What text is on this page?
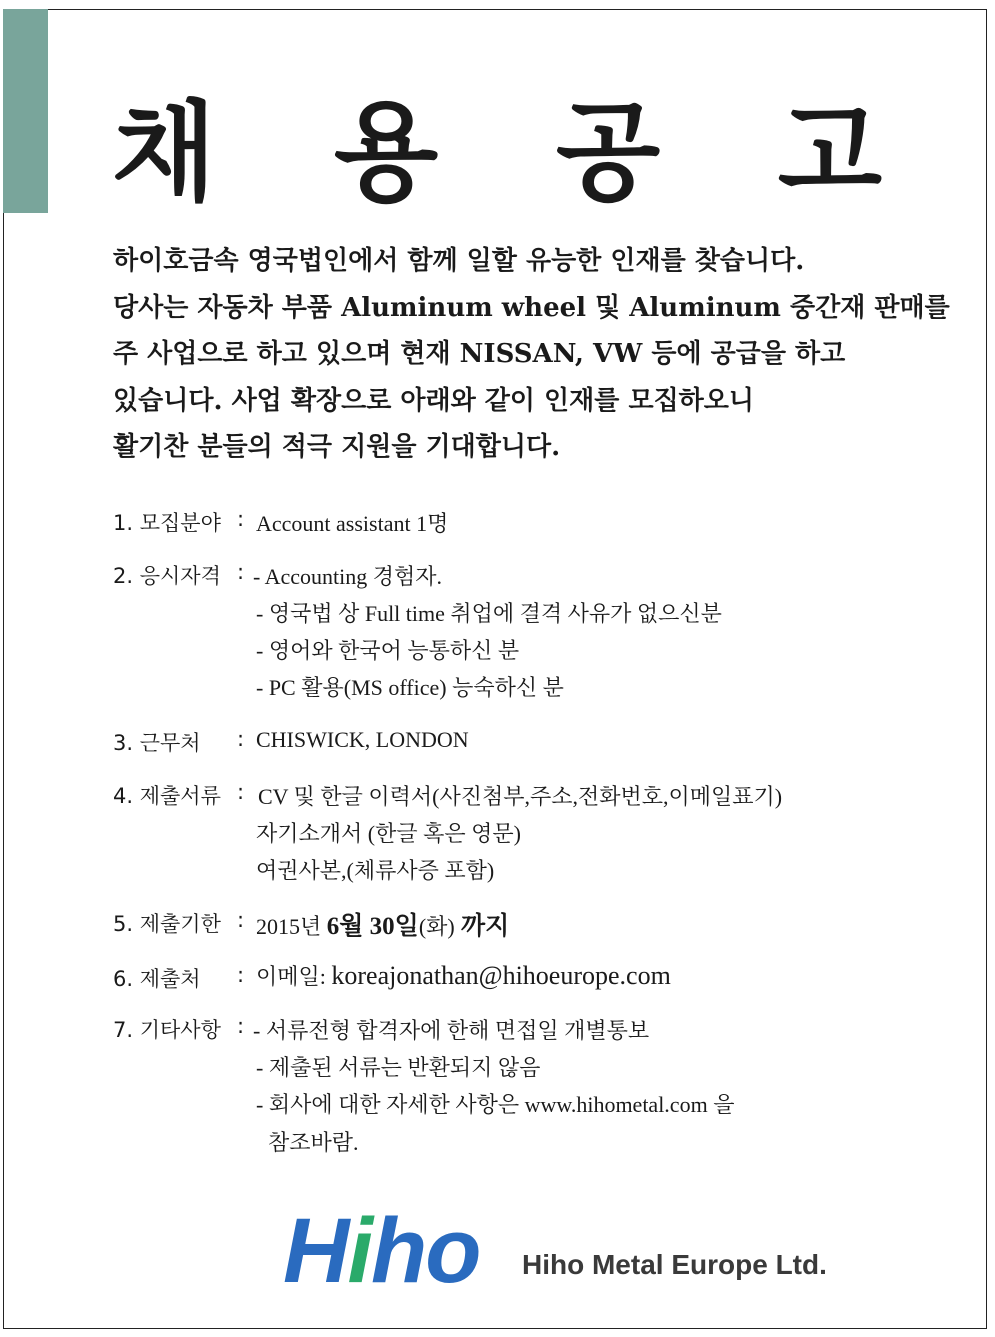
채 용 공 고
하이호금속 영국법인에서 함께 일할 유능한 인재를 찾습니다.
당사는 자동차 부품 Aluminum wheel 및 Aluminum 중간재 판매를
주 사업으로 하고 있으며 현재 NISSAN, VW 등에 공급을 하고
있습니다. 사업 확장으로 아래와 같이 인재를 모집하오니
활기찬 분들의 적극 지원을 기대합니다.
1. 모집분야 : Account assistant 1명
2. 응시자격 : - Accounting 경험자.
- 영국법 상 Full time 취업에 결격 사유가 없으신분
- 영어와 한국어 능통하신 분
- PC 활용(MS office) 능숙하신 분
3. 근무처 : CHISWICK, LONDON
4. 제출서류 : CV 및 한글 이력서(사진첨부,주소,전화번호,이메일표기)
자기소개서 (한글 혹은 영문)
여권사본,(체류사증 포함)
5. 제출기한 : 2015년 6월 30일(화) 까지
6. 제출처 : 이메일: koreajonathan@hihoeurope.com
7. 기타사항 : - 서류전형 합격자에 한해 면접일 개별통보
- 제출된 서류는 반환되지 않음
- 회사에 대한 자세한 사항은 www.hihometal.com 을
참조바람.
Hiho Hiho Metal Europe Ltd.
